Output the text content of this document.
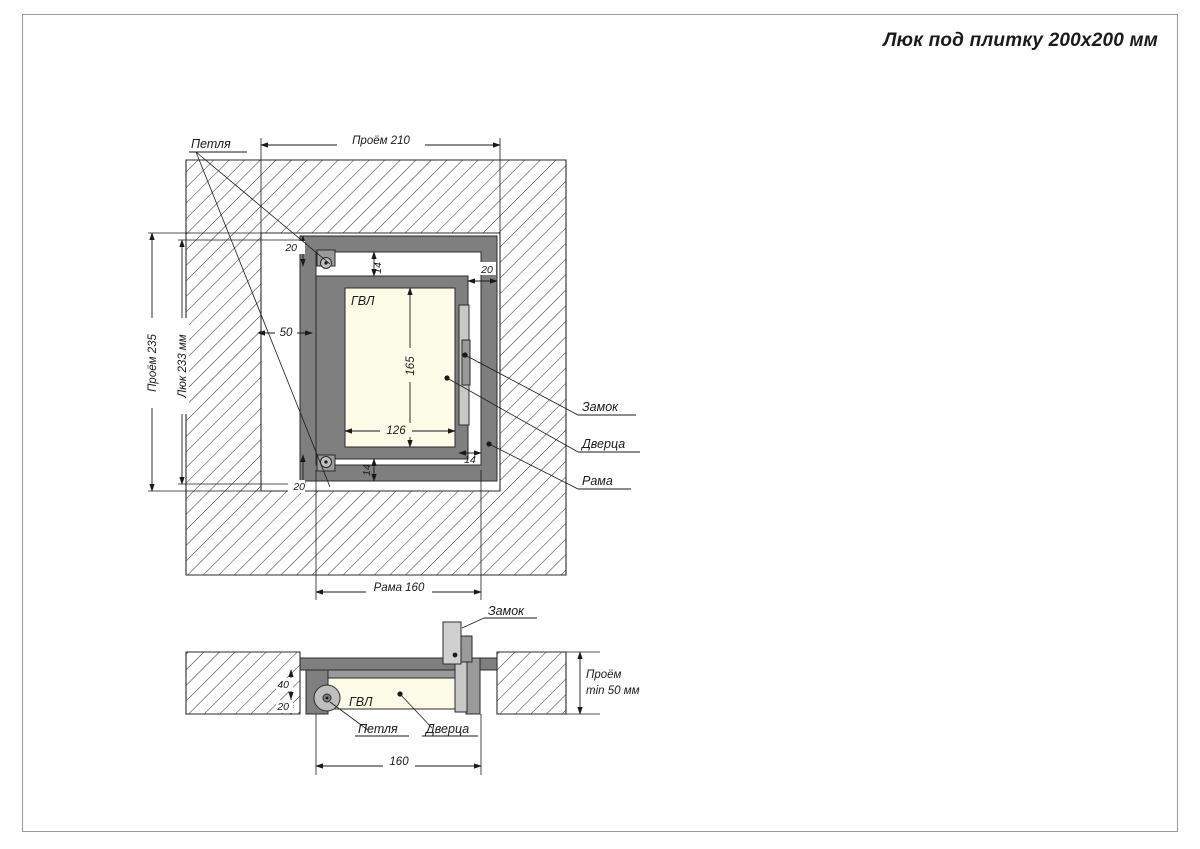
Люк под плитку 200х200 мм
Проём 210
Проём 235 Люк 233 мм
Рама 160
165
126
50
20
20
14
14
20
14
Петля
Замок
Дверца
Рама
ГВЛ
40
20
160
Проём
min 50 мм
Замок
Петля Дверца
ГВЛ
